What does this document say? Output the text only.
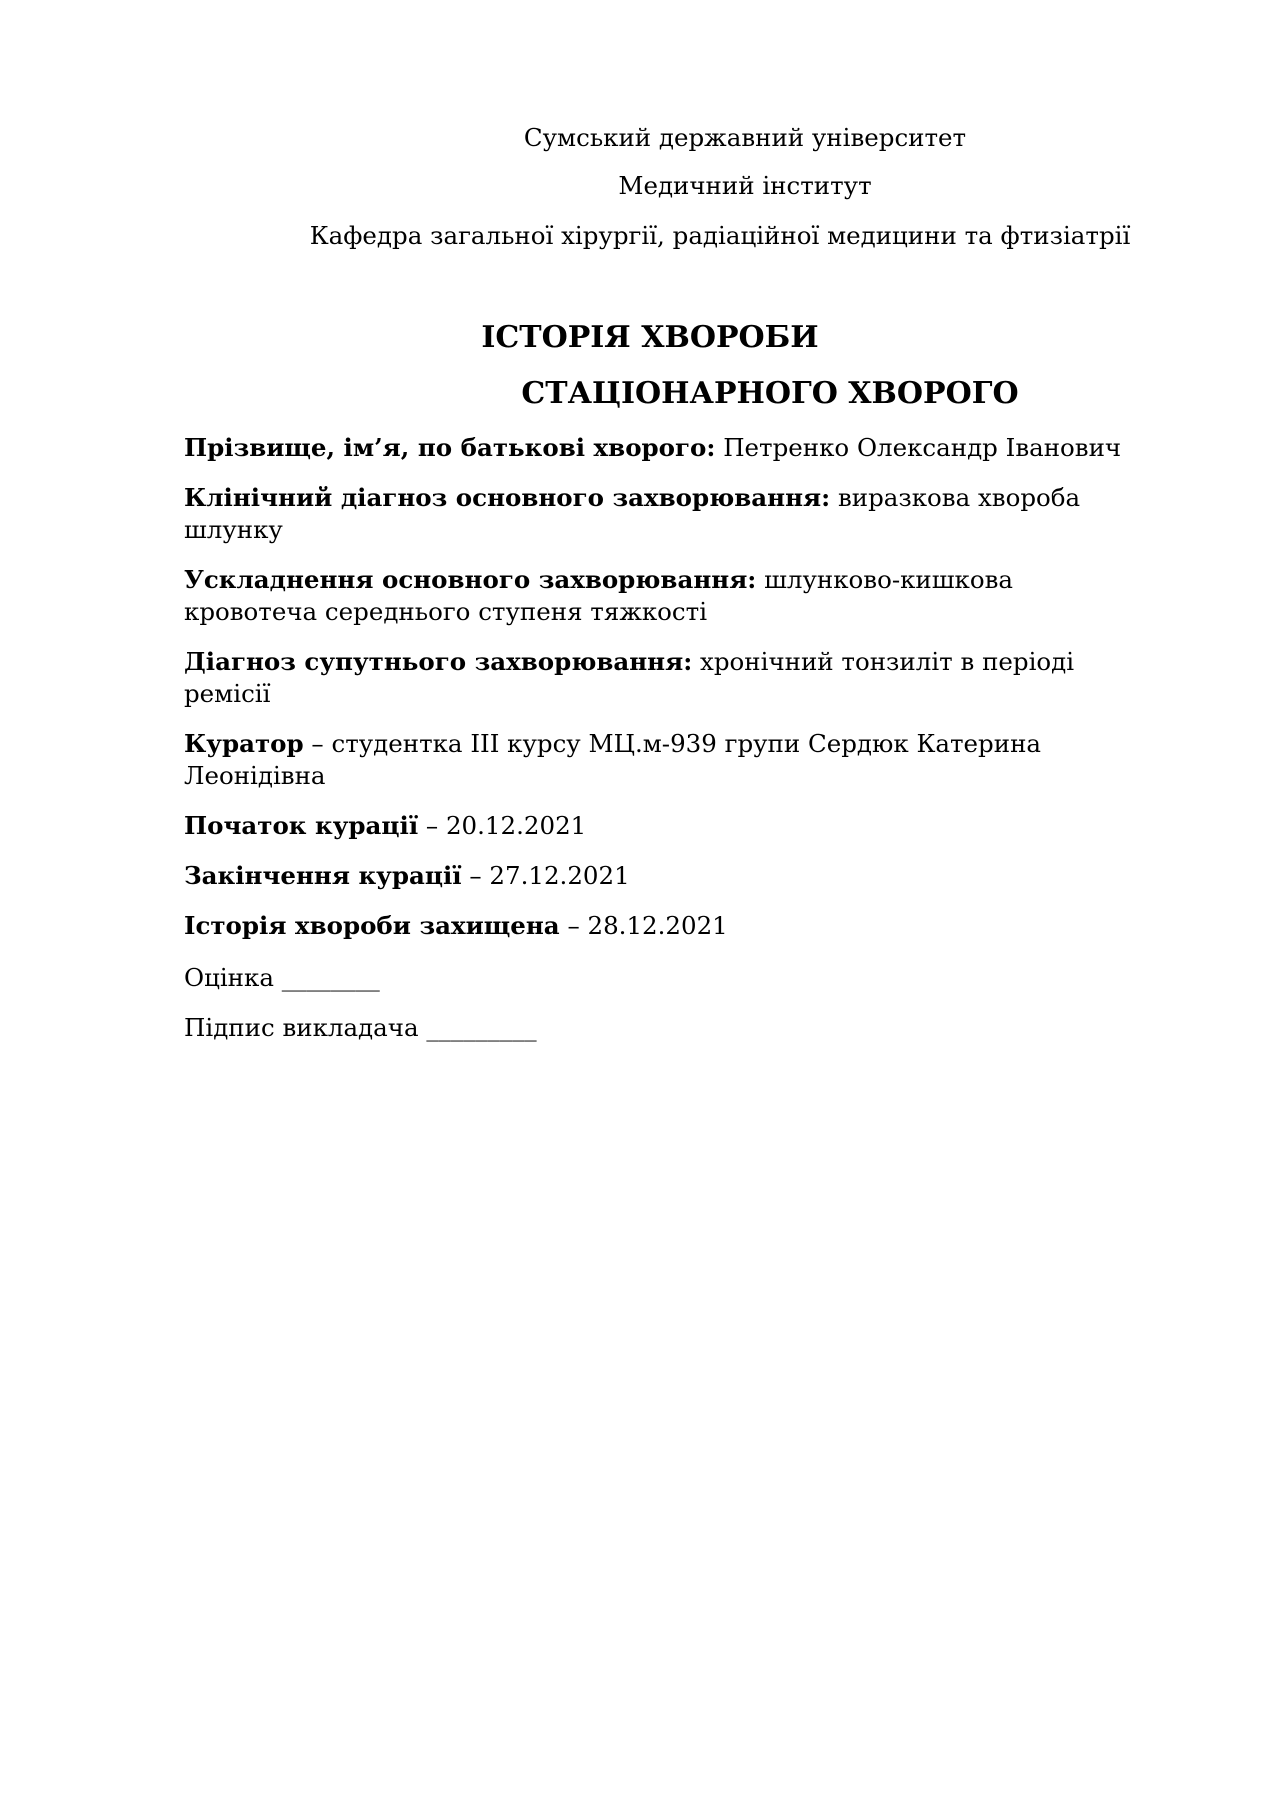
Сумський державний університет
Медичний інститут
Кафедра загальної хірургії, радіаційної медицини та фтизіатрії
ІСТОРІЯ ХВОРОБИ
СТАЦІОНАРНОГО ХВОРОГО
Прізвище, ім’я, по батькові хворого: Петренко Олександр Іванович
Клінічний діагноз основного захворювання: виразкова хвороба шлунку
Ускладнення основного захворювання: шлунково-кишкова кровотеча середнього ступеня тяжкості
Діагноз супутнього захворювання: хронічний тонзиліт в періоді ремісії
Куратор – студентка ІІІ курсу МЦ.м-939 групи Сердюк Катерина Леонідівна
Початок курації – 20.12.2021
Закінчення курації – 27.12.2021
Історія хвороби захищена – 28.12.2021
Оцінка ________
Підпис викладача _________
